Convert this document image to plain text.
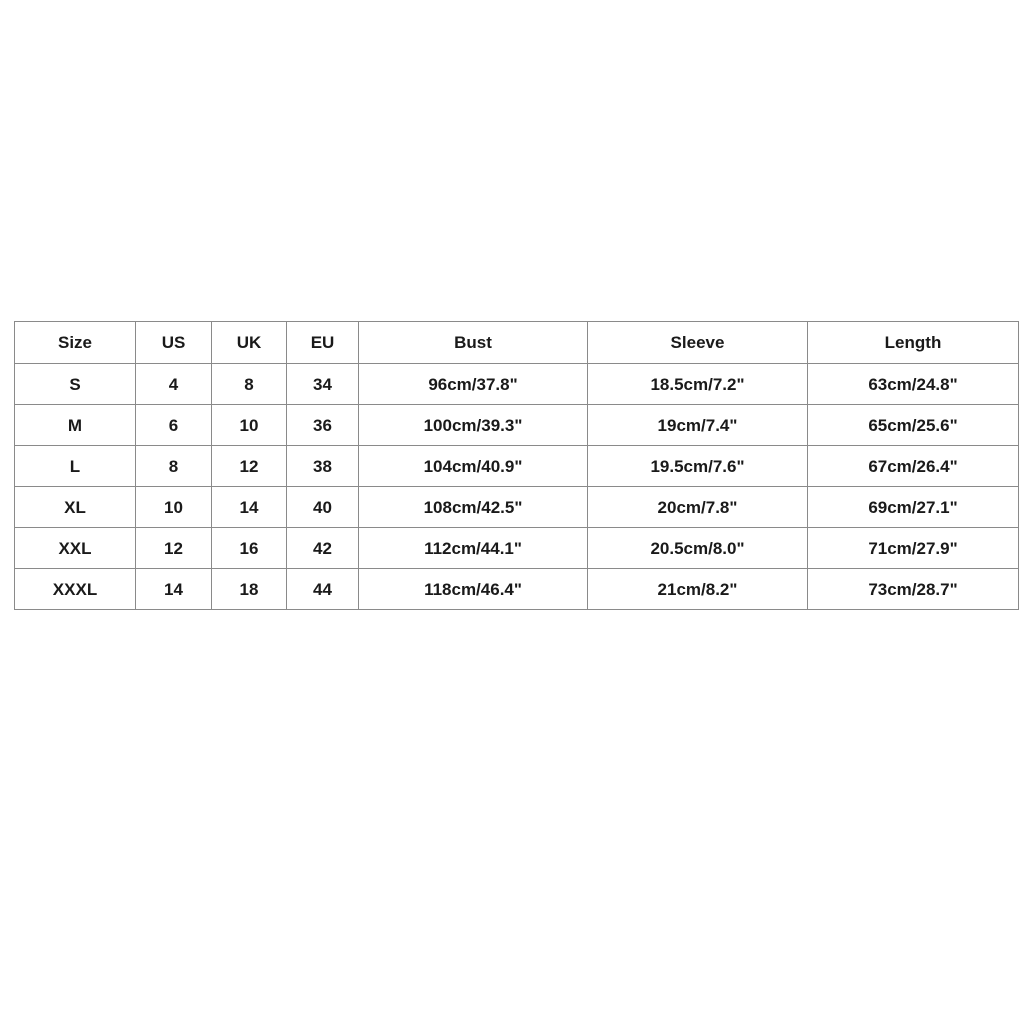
Size	US	UK	EU	Bust	Sleeve	Length
S	4	8	34	96cm/37.8"	18.5cm/7.2"	63cm/24.8"
M	6	10	36	100cm/39.3"	19cm/7.4"	65cm/25.6"
L	8	12	38	104cm/40.9"	19.5cm/7.6"	67cm/26.4"
XL	10	14	40	108cm/42.5"	20cm/7.8"	69cm/27.1"
XXL	12	16	42	112cm/44.1"	20.5cm/8.0"	71cm/27.9"
XXXL	14	18	44	118cm/46.4"	21cm/8.2"	73cm/28.7"
